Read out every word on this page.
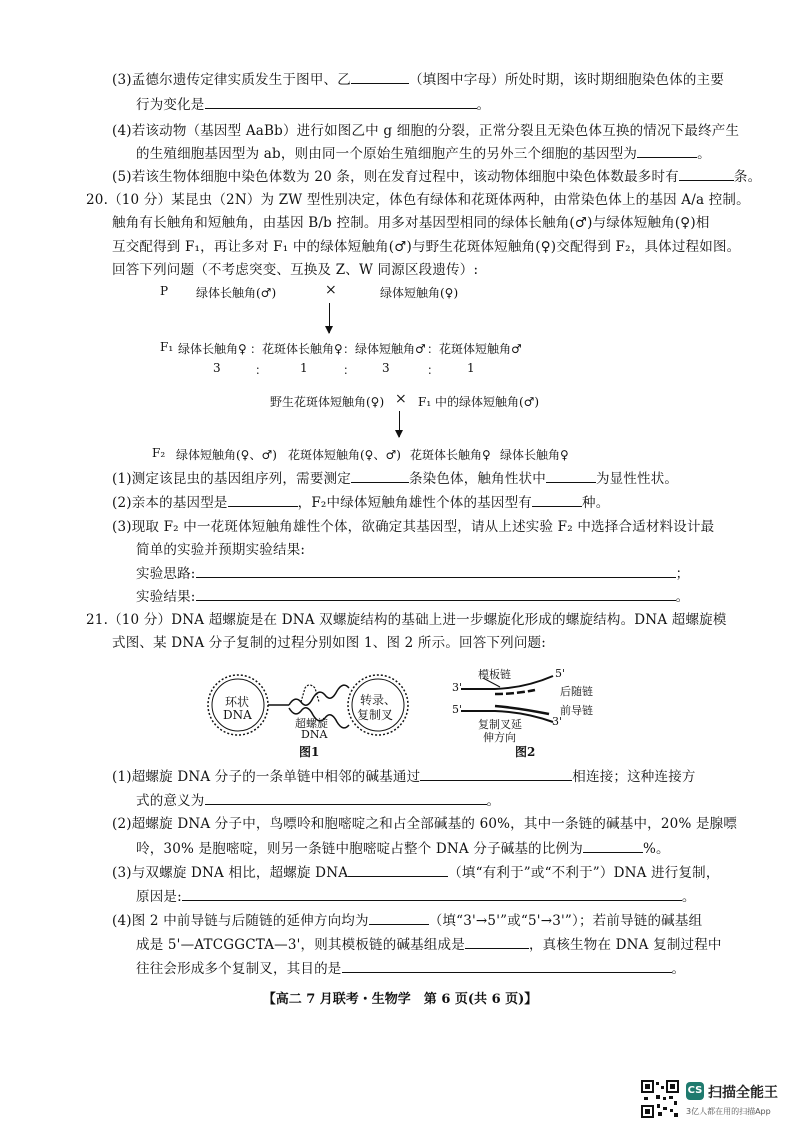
(3)孟德尔遗传定律实质发生于图甲、乙	（填图中字母）所处时期，该时期细胞染色体的主要
行为变化是	。
(4)若该动物（基因型 AaBb）进行如图乙中 g 细胞的分裂，正常分裂且无染色体互换的情况下最终产生
的生殖细胞基因型为 ab，则由同一个原始生殖细胞产生的另外三个细胞的基因型为	。
(5)若该生物体细胞中染色体数为 20 条，则在发育过程中，该动物体细胞中染色体数最多时有	条。
20.（10 分）某昆虫（2N）为 ZW 型性别决定，体色有绿体和花斑体两种，由常染色体上的基因 A/a 控制。
触角有长触角和短触角，由基因 B/b 控制。用多对基因型相同的绿体长触角(♂)与绿体短触角(♀)相
互交配得到 F₁，再让多对 F₁ 中的绿体短触角(♂)与野生花斑体短触角(♀)交配得到 F₂，具体过程如图。
回答下列问题（不考虑突变、互换及 Z、W 同源区段遗传）:
P 绿体长触角(♂)	×	绿体短触角(♀)
F₁ 绿体长触角♀ ： 花斑体长触角♀ ： 绿体短触角♂ ： 花斑体短触角♂
3	：	1	： 3	： 1
野生花斑体短触角(♀) × F₁ 中的绿体短触角(♂)
F₂ 绿体短触角(♀、♂) 花斑体短触角(♀、♂) 花斑体长触角♀ 绿体长触角♀
(1)测定该昆虫的基因组序列，需要测定	条染色体，触角性状中	为显性性状。
(2)亲本的基因型是	，F₂中绿体短触角雄性个体的基因型有	种。
(3)现取 F₂ 中一花斑体短触角雄性个体，欲确定其基因型，请从上述实验 F₂ 中选择合适材料设计最
简单的实验并预期实验结果:
实验思路:	；
实验结果:	。
21.（10 分）DNA 超螺旋是在 DNA 双螺旋结构的基础上进一步螺旋化形成的螺旋结构。DNA 超螺旋模
式图、某 DNA 分子复制的过程分别如图 1、图 2 所示。回答下列问题:
环状
DNA
超螺旋
DNA
转录、
复制叉
图1
模板链
3'
5'
后随链
5'	前导链
3'
复制叉延
伸方向
图2
(1)超螺旋 DNA 分子的一条单链中相邻的碱基通过	相连接；这种连接方
式的意义为	。
(2)超螺旋 DNA 分子中，鸟嘌呤和胞嘧啶之和占全部碱基的 60%，其中一条链的碱基中，20% 是腺嘌
呤，30% 是胞嘧啶，则另一条链中胞嘧啶占整个 DNA 分子碱基的比例为	%。
(3)与双螺旋 DNA 相比，超螺旋 DNA	（填“有利于”或“不利于”）DNA 进行复制，
原因是:	。
(4)图 2 中前导链与后随链的延伸方向均为	（填“3'→5'”或“5'→3'”）；若前导链的碱基组
成是 5'—ATCGGCTA—3'，则其模板链的碱基组成是	，真核生物在 DNA 复制过程中
往往会形成多个复制叉，其目的是	。
【高二 7 月联考・生物学　第 6 页(共 6 页)】
CS 扫描全能王
3亿人都在用的扫描App
